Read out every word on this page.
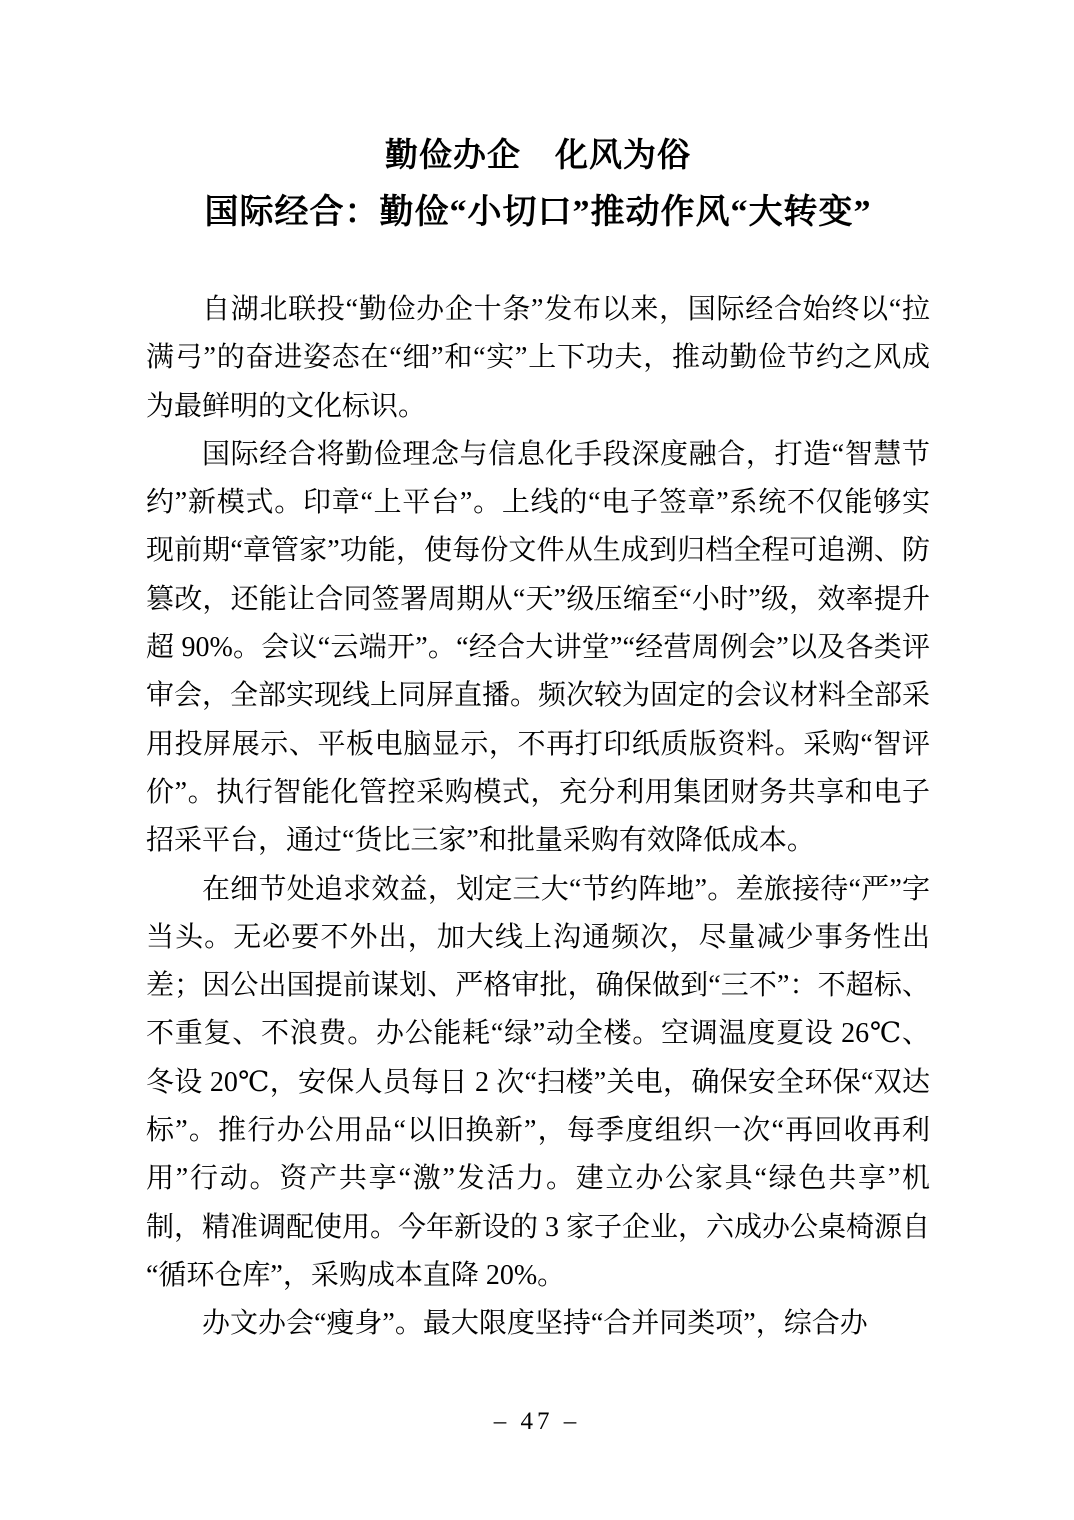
勤俭办企　化风为俗
国际经合：勤俭“小切口”推动作风“大转变”

自湖北联投“勤俭办企十条”发布以来，国际经合始终以“拉满弓”的奋进姿态在“细”和“实”上下功夫，推动勤俭节约之风成为最鲜明的文化标识。

国际经合将勤俭理念与信息化手段深度融合，打造“智慧节约”新模式。印章“上平台”。上线的“电子签章”系统不仅能够实现前期“章管家”功能，使每份文件从生成到归档全程可追溯、防篡改，还能让合同签署周期从“天”级压缩至“小时”级，效率提升超 90%。会议“云端开”。“经合大讲堂”“经营周例会”以及各类评审会，全部实现线上同屏直播。频次较为固定的会议材料全部采用投屏展示、平板电脑显示，不再打印纸质版资料。采购“智评价”。执行智能化管控采购模式，充分利用集团财务共享和电子招采平台，通过“货比三家”和批量采购有效降低成本。

在细节处追求效益，划定三大“节约阵地”。差旅接待“严”字当头。无必要不外出，加大线上沟通频次，尽量减少事务性出差；因公出国提前谋划、严格审批，确保做到“三不”：不超标、不重复、不浪费。办公能耗“绿”动全楼。空调温度夏设 26℃、冬设 20℃，安保人员每日 2 次“扫楼”关电，确保安全环保“双达标”。推行办公用品“以旧换新”，每季度组织一次“再回收再利用”行动。资产共享“激”发活力。建立办公家具“绿色共享”机制，精准调配使用。今年新设的 3 家子企业，六成办公桌椅源自“循环仓库”，采购成本直降 20%。

办文办会“瘦身”。最大限度坚持“合并同类项”，综合办

– 47 –
